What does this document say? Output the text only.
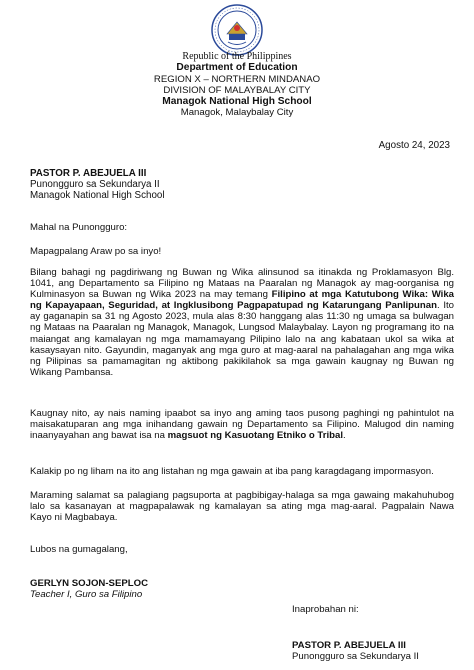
Republic of the Philippines
Department of Education
REGION X – NORTHERN MINDANAO
DIVISION OF MALAYBALAY CITY
Managok National High School
Managok, Malaybalay City
Agosto 24, 2023
PASTOR P. ABEJUELA III
Punongguro sa Sekundarya II
Managok National High School
Mahal na Punongguro:
Mapagpalang Araw po sa inyo!
Bilang bahagi ng pagdiriwang ng Buwan ng Wika alinsunod sa itinakda ng Proklamasyon Blg.
1041, ang Departamento sa Filipino ng Mataas na Paaralan ng Managok ay mag-oorganisa ng
Kulminasyon sa Buwan ng Wika 2023 na may temang Filipino at mga Katutubong Wika: Wika
ng Kapayapaan, Seguridad, at Ingklusibong Pagpapatupad ng Katarungang Panlipunan. Ito
ay gaganapin sa 31 ng Agosto 2023, mula alas 8:30 hanggang alas 11:30 ng umaga sa bulwagan
ng Mataas na Paaralan ng Managok, Managok, Lungsod Malaybalay. Layon ng programang ito na
maiangat ang kamalayan ng mga mamamayang Pilipino lalo na ang kabataan ukol sa wika at
kasaysayan nito. Gayundin, maganyak ang mga guro at mag-aaral na pahalagahan ang mga wika
ng Pilipinas sa pamamagitan ng aktibong pakikilahok sa mga gawain kaugnay ng Buwan ng
Wikang Pambansa.
Kaugnay nito, ay nais naming ipaabot sa inyo ang aming taos pusong paghingi ng pahintulot na
maisakatuparan ang mga inihandang gawain ng Departamento sa Filipino. Malugod din naming
inaanyayahan ang bawat isa na magsuot ng Kasuotang Etniko o Tribal.
Kalakip po ng liham na ito ang listahan ng mga gawain at iba pang karagdagang impormasyon.
Maraming salamat sa palagiang pagsuporta at pagbibigay-halaga sa mga gawaing makahuhubog
lalo sa kasanayan at magpapalawak ng kamalayan sa ating mga mag-aaral. Pagpalain Nawa
Kayo ni Magbabaya.
Lubos na gumagalang,
GERLYN SOJON-SEPLOC
Teacher I, Guro sa Filipino
Inaprobahan ni:
PASTOR P. ABEJUELA III
Punongguro sa Sekundarya II
